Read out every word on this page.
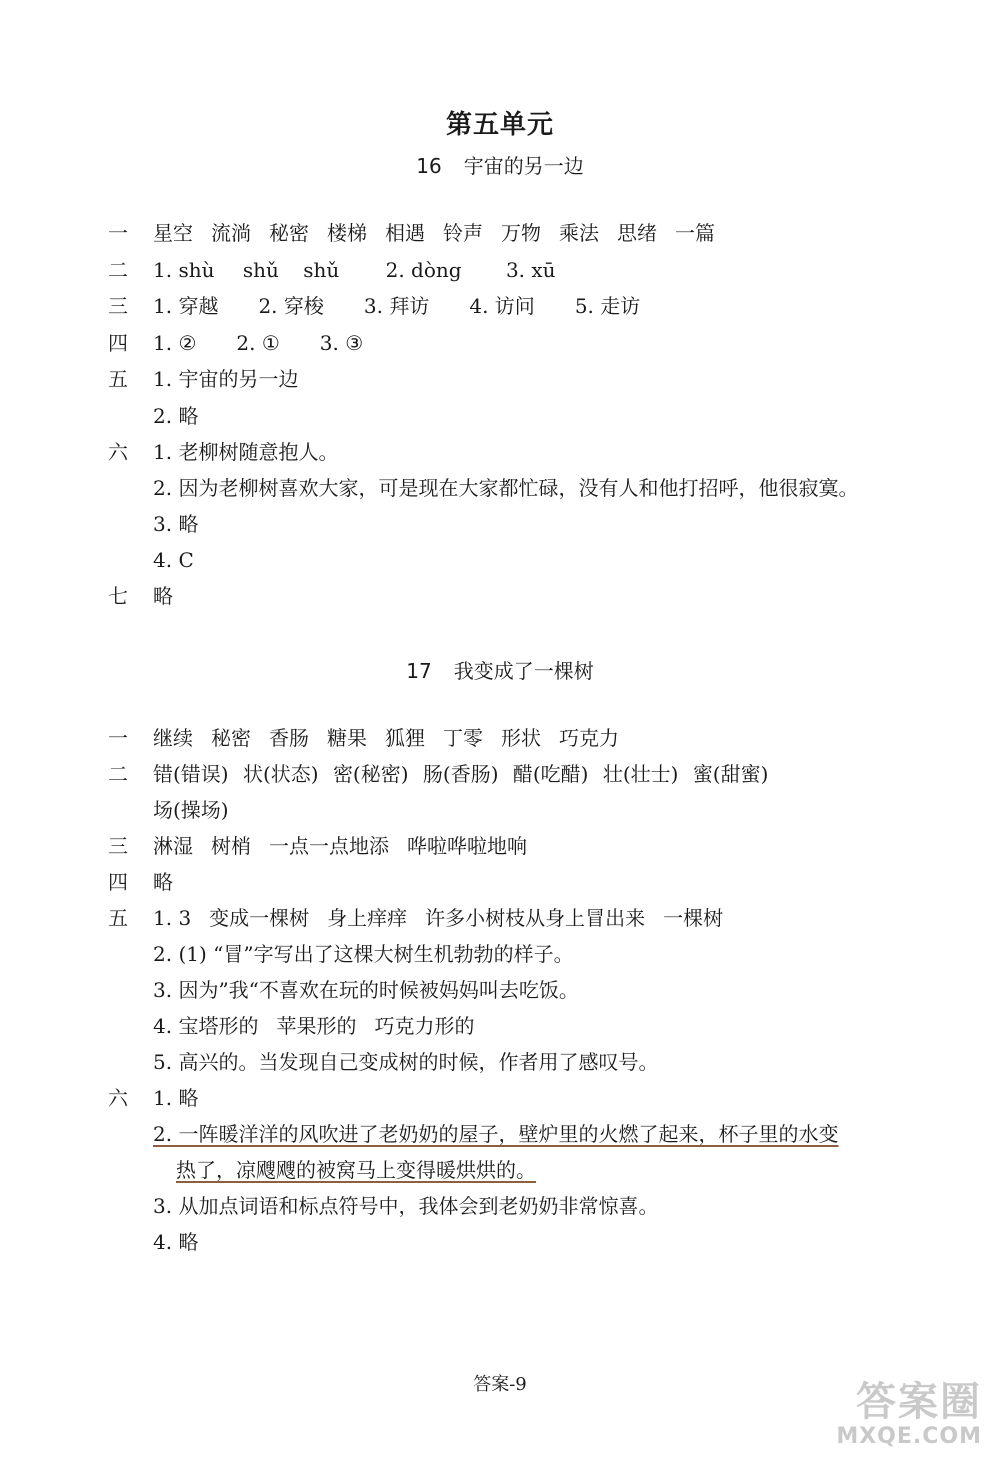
第五单元
16 宇宙的另一边
一 星空 流淌 秘密 楼梯 相遇 铃声 万物 乘法 思绪 一篇
二 1. shù shǔ shǔ 2. dòng 3. xū
三 1. 穿越 2. 穿梭 3. 拜访 4. 访问 5. 走访
四 1. ② 2. ① 3. ③
五 1. 宇宙的另一边
2. 略
六 1. 老柳树随意抱人。
2. 因为老柳树喜欢大家，可是现在大家都忙碌，没有人和他打招呼，他很寂寞。
3. 略
4. C
七 略
17 我变成了一棵树
一 继续 秘密 香肠 糖果 狐狸 丁零 形状 巧克力
二 错(错误) 状(状态) 密(秘密) 肠(香肠) 醋(吃醋) 壮(壮士) 蜜(甜蜜)
场(操场)
三 淋湿 树梢 一点一点地添 哗啦哗啦地响
四 略
五 1. 3 变成一棵树 身上痒痒 许多小树枝从身上冒出来 一棵树
2. (1) “冒”字写出了这棵大树生机勃勃的样子。
3. 因为”我“不喜欢在玩的时候被妈妈叫去吃饭。
4. 宝塔形的 苹果形的 巧克力形的
5. 高兴的。当发现自己变成树的时候，作者用了感叹号。
六 1. 略
2. 一阵暖洋洋的风吹进了老奶奶的屋子，壁炉里的火燃了起来，杯子里的水变
热了，凉飕飕的被窝马上变得暖烘烘的。
3. 从加点词语和标点符号中，我体会到老奶奶非常惊喜。
4. 略
答案-9	答案圈
MXQE.COM
